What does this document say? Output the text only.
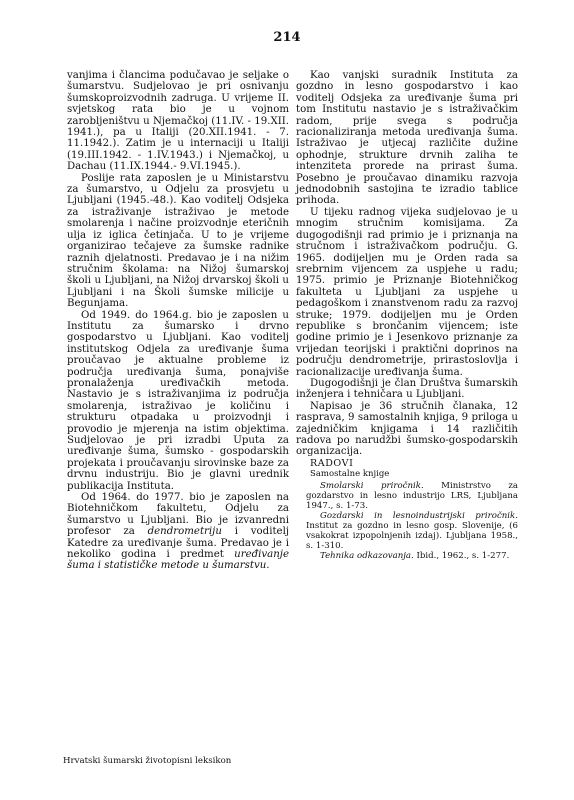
214

vanjima i člancima podučavao je seljake o šumarstvu. Sudjelovao je pri osnivanju šumskoproizvodnih zadruga. U vrijeme II. svjetskog rata bio je u vojnom zarobljeništvu u Njemačkoj (11.IV. - 19.XII. 1941.), pa u Italiji (20.XII.1941. - 7. 11.1942.). Zatim je u internaciji u Italiji (19.III.1942. - 1.IV.1943.) i Njemačkoj, u Dachau (11.IX.1944.- 9.VI.1945.).

Poslije rata zaposlen je u Ministarstvu za šumarstvo, u Odjelu za prosvjetu u Ljubljani (1945.-48.). Kao voditelj Odsjeka za istraživanje istraživao je metode smolarenja i načine proizvodnje eteričnih ulja iz iglica četinjača. U to je vrijeme organizirao tečajeve za šumske radnike raznih djelatnosti. Predavao je i na nižim stručnim školama: na Nižoj šumarskoj školi u Ljubljani, na Nižoj drvarskoj školi u Ljubljani i na Školi šumske milicije u Begunjama.

Od 1949. do 1964.g. bio je zaposlen u Institutu za šumarsko i drvno gospodarstvo u Ljubljani. Kao voditelj institutskog Odjela za uređivanje šuma proučavao je aktualne probleme iz područja uređivanja šuma, ponajviše pronalaženja uređivačkih metoda. Nastavio je s istraživanjima iz područja smolarenja, istraživao je količinu i strukturu otpadaka u proizvodnji i provodio je mjerenja na istim objektima. Sudjelovao je pri izradbi Uputa za uređivanje šuma, šumsko - gospodarskih projekata i proučavanju sirovinske baze za drvnu industriju. Bio je glavni urednik publikacija Instituta.

Od 1964. do 1977. bio je zaposlen na Biotehničkom fakultetu, Odjelu za šumarstvo u Ljubljani. Bio je izvanredni profesor za dendrometriju i voditelj Katedre za uređivanje šuma. Predavao je i nekoliko godina i predmet uređivanje šuma i statističke metode u šumarstvu.

Kao vanjski suradnik Instituta za gozdno in lesno gospodarstvo i kao voditelj Odsjeka za uređivanje šuma pri tom Institutu nastavio je s istraživačkim radom, prije svega s područja racionaliziranja metoda uređivanja šuma. Istraživao je utjecaj različite dužine ophodnje, strukture drvnih zaliha te intenziteta prorede na prirast šuma. Posebno je proučavao dinamiku razvoja jednodobnih sastojina te izradio tablice prihoda.

U tijeku radnog vijeka sudjelovao je u mnogim stručnim komisijama. Za dugogodišnji rad primio je i priznanja na stručnom i istraživačkom području. G. 1965. dodijeljen mu je Orden rada sa srebrnim vijencem za uspjehe u radu; 1975. primio je Priznanje Biotehničkog fakulteta u Ljubljani za uspjehe u pedagoškom i znanstvenom radu za razvoj struke; 1979. dodijeljen mu je Orden republike s brončanim vijencem; iste godine primio je i Jesenkovo priznanje za vrijedan teorijski i praktični doprinos na području dendrometrije, prirastoslovlja i racionalizacije uređivanja šuma.

Dugogodišnji je član Društva šumarskih inženjera i tehničara u Ljubljani.

Napisao je 36 stručnih članaka, 12 rasprava, 9 samostalnih knjiga, 9 priloga u zajedničkim knjigama i 14 različitih radova po narudžbi šumsko-gospodarskih organizacija.

RADOVI

Samostalne knjige

Smolarski priročnik. Ministrstvo za gozdarstvo in lesno industrijo LRS, Ljubljana 1947., s. 1-73.

Gozdarski in lesnoindustrijski priročnik. Institut za gozdno in lesno gosp. Slovenije, (6 vsakokrat izpopolnjenih izdaj). Ljubljana 1958., s. 1-310.

Tehnika odkazovanja. Ibid., 1962., s. 1-277.

Hrvatski šumarski životopisni leksikon
